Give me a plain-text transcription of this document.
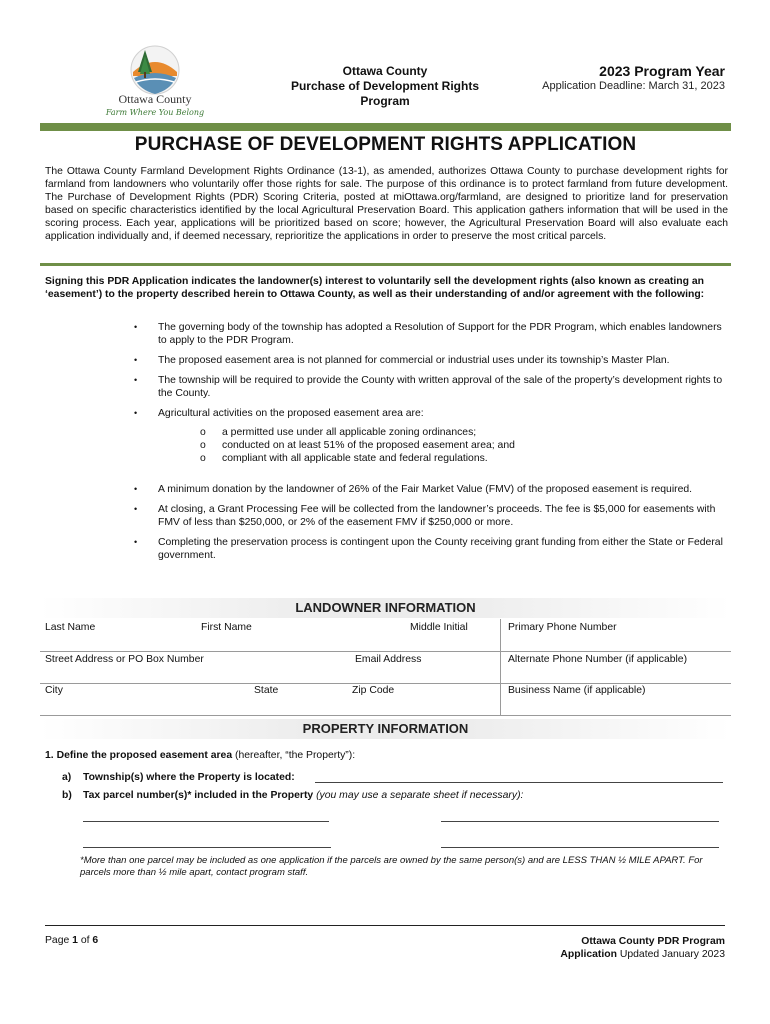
Ottawa County
Farm Where You Belong
Ottawa County
Purchase of Development Rights
Program
2023 Program Year
Application Deadline: March 31, 2023
PURCHASE OF DEVELOPMENT RIGHTS APPLICATION
The Ottawa County Farmland Development Rights Ordinance (13-1), as amended, authorizes Ottawa County to purchase development rights for farmland from landowners who voluntarily offer those rights for sale. The purpose of this ordinance is to protect farmland from future development. The Purchase of Development Rights (PDR) Scoring Criteria, posted at miOttawa.org/farmland, are designed to prioritize land for preservation based on specific characteristics identified by the local Agricultural Preservation Board. This application gathers information that will be used in the scoring process. Each year, applications will be prioritized based on score; however, the Agricultural Preservation Board will also evaluate each application individually and, if deemed necessary, reprioritize the applications in order to preserve the most critical parcels.
Signing this PDR Application indicates the landowner(s) interest to voluntarily sell the development rights (also known as creating an ‘easement’) to the property described herein to Ottawa County, as well as their understanding of and/or agreement with the following:
• The governing body of the township has adopted a Resolution of Support for the PDR Program, which enables landowners to apply to the PDR Program.
• The proposed easement area is not planned for commercial or industrial uses under its township’s Master Plan.
• The township will be required to provide the County with written approval of the sale of the property’s development rights to the County.
• Agricultural activities on the proposed easement area are:
o a permitted use under all applicable zoning ordinances;
o conducted on at least 51% of the proposed easement area; and
o compliant with all applicable state and federal regulations.
• A minimum donation by the landowner of 26% of the Fair Market Value (FMV) of the proposed easement is required.
• At closing, a Grant Processing Fee will be collected from the landowner’s proceeds. The fee is $5,000 for easements with FMV of less than $250,000, or 2% of the easement FMV if $250,000 or more.
• Completing the preservation process is contingent upon the County receiving grant funding from either the State or Federal government.
LANDOWNER INFORMATION
Last Name	First Name	Middle Initial	Primary Phone Number
Street Address or PO Box Number	Email Address	Alternate Phone Number (if applicable)
City	State	Zip Code	Business Name (if applicable)
PROPERTY INFORMATION
1. Define the proposed easement area (hereafter, “the Property”):
a) Township(s) where the Property is located:
b) Tax parcel number(s)* included in the Property (you may use a separate sheet if necessary):
*More than one parcel may be included as one application if the parcels are owned by the same person(s) and are LESS THAN ½ MILE APART. For parcels more than ½ mile apart, contact program staff.
Page 1 of 6	Ottawa County PDR Program
Application Updated January 2023
